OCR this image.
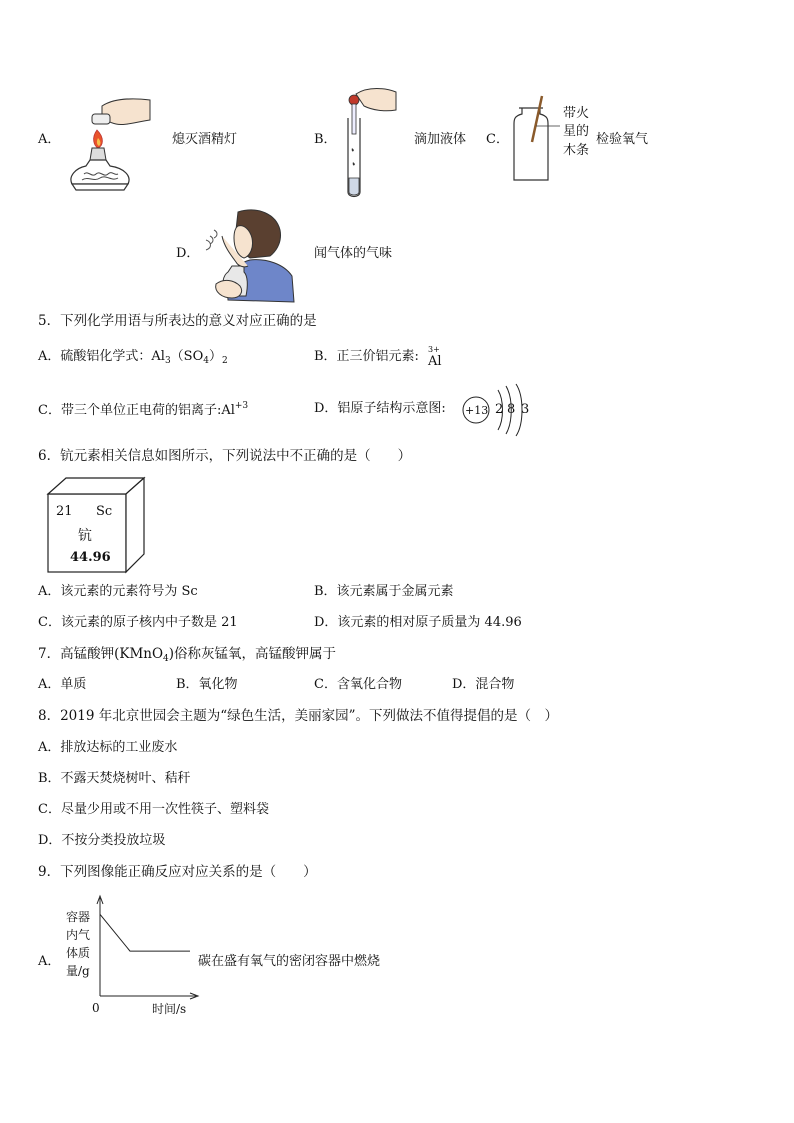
A．	熄灭酒精灯	B．	滴加液体 C．
带火
星的
木条
检验氧气
D．	闻气体的气味
5．下列化学用语与所表达的意义对应正确的是
A．硫酸铝化学式：$Al_3(SO_4)_2$	B．正三价铝元素: 3+
Al
C．带三个单位正电荷的铝离子$:Al^{+3}$	D．铝原子结构示意图: +13 2 8 3
6．钪元素相关信息如图所示，下列说法中不正确的是（　　）
21 Sc
钪
44.96
A．该元素的元素符号为 Sc	B．该元素属于金属元素
C．该元素的原子核内中子数是 21	D．该元素的相对原子质量为 44.96
7．高锰酸钾(KMnO$_4$)俗称灰锰氧，高锰酸钾属于
A．单质	B．氧化物	C．含氧化合物	D．混合物
8．2019 年北京世园会主题为“绿色生活，美丽家园”。下列做法不值得提倡的是（　）
A．排放达标的工业废水
B．不露天焚烧树叶、秸秆
C．尽量少用或不用一次性筷子、塑料袋
D．不按分类投放垃圾
9．下列图像能正确反应对应关系的是（　　）
A．
容器
内气
体质
量/g
0	时间/s
碳在盛有氧气的密闭容器中燃烧
